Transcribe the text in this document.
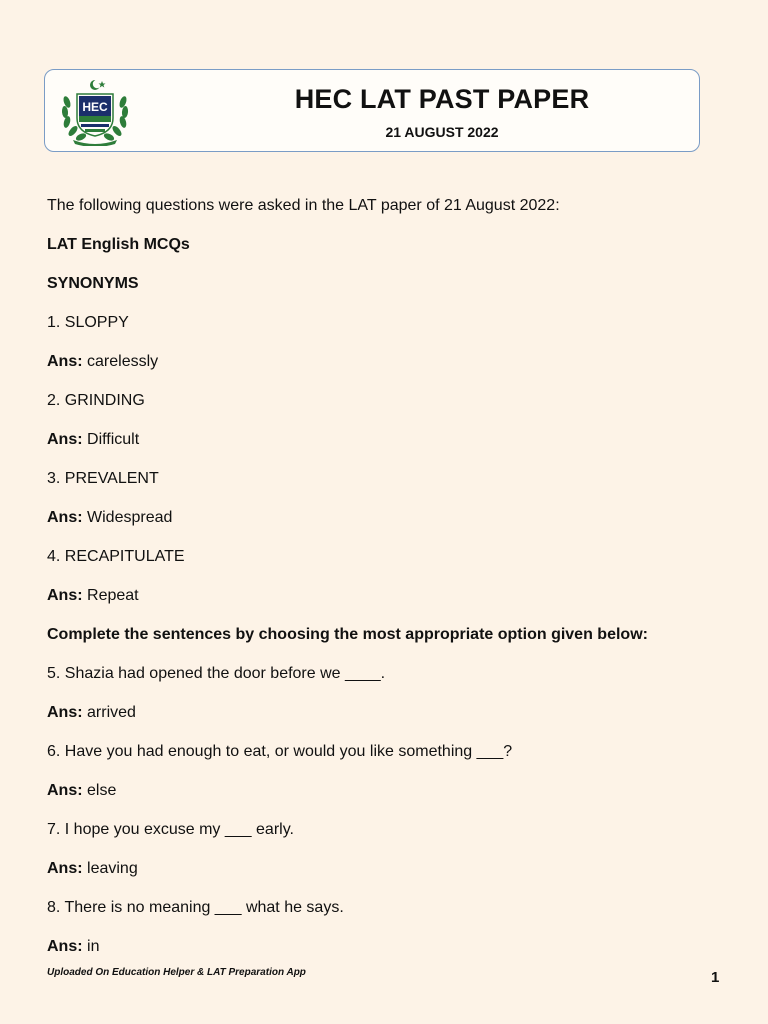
HEC	HEC LAT PAST PAPER
21 AUGUST 2022
The following questions were asked in the LAT paper of 21 August 2022:
LAT English MCQs
SYNONYMS
1. SLOPPY
Ans: carelessly
2. GRINDING
Ans: Difficult
3. PREVALENT
Ans: Widespread
4. RECAPITULATE
Ans: Repeat
Complete the sentences by choosing the most appropriate option given below:
5. Shazia had opened the door before we ____.
Ans: arrived
6. Have you had enough to eat, or would you like something ___?
Ans: else
7. I hope you excuse my ___ early.
Ans: leaving
8. There is no meaning ___ what he says.
Ans: in
Uploaded On Education Helper & LAT Preparation App	1
